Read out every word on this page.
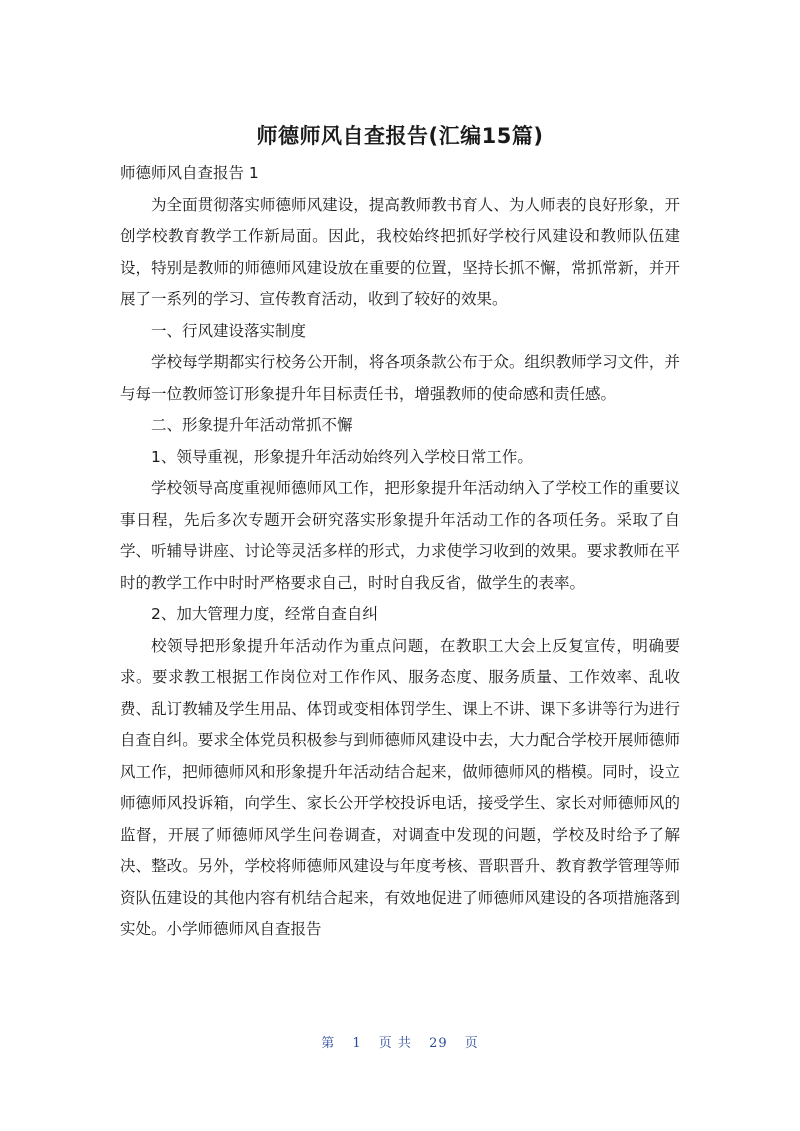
师德师风自查报告(汇编15篇)

师德师风自查报告 1

为全面贯彻落实师德师风建设，提高教师教书育人、为人师表的良好形象，开创学校教育教学工作新局面。因此，我校始终把抓好学校行风建设和教师队伍建设，特别是教师的师德师风建设放在重要的位置，坚持长抓不懈，常抓常新，并开展了一系列的学习、宣传教育活动，收到了较好的效果。

一、行风建设落实制度

学校每学期都实行校务公开制，将各项条款公布于众。组织教师学习文件，并与每一位教师签订形象提升年目标责任书，增强教师的使命感和责任感。

二、形象提升年活动常抓不懈

1、领导重视，形象提升年活动始终列入学校日常工作。

学校领导高度重视师德师风工作，把形象提升年活动纳入了学校工作的重要议事日程，先后多次专题开会研究落实形象提升年活动工作的各项任务。采取了自学、听辅导讲座、讨论等灵活多样的形式，力求使学习收到的效果。要求教师在平时的教学工作中时时严格要求自己，时时自我反省，做学生的表率。

2、加大管理力度，经常自查自纠

校领导把形象提升年活动作为重点问题，在教职工大会上反复宣传，明确要求。要求教工根据工作岗位对工作作风、服务态度、服务质量、工作效率、乱收费、乱订教辅及学生用品、体罚或变相体罚学生、课上不讲、课下多讲等行为进行自查自纠。要求全体党员积极参与到师德师风建设中去，大力配合学校开展师德师风工作，把师德师风和形象提升年活动结合起来，做师德师风的楷模。同时，设立师德师风投诉箱，向学生、家长公开学校投诉电话，接受学生、家长对师德师风的监督，开展了师德师风学生问卷调查，对调查中发现的问题，学校及时给予了解决、整改。另外，学校将师德师风建设与年度考核、晋职晋升、教育教学管理等师资队伍建设的其他内容有机结合起来，有效地促进了师德师风建设的各项措施落到实处。小学师德师风自查报告

第 1 页 共 29 页
